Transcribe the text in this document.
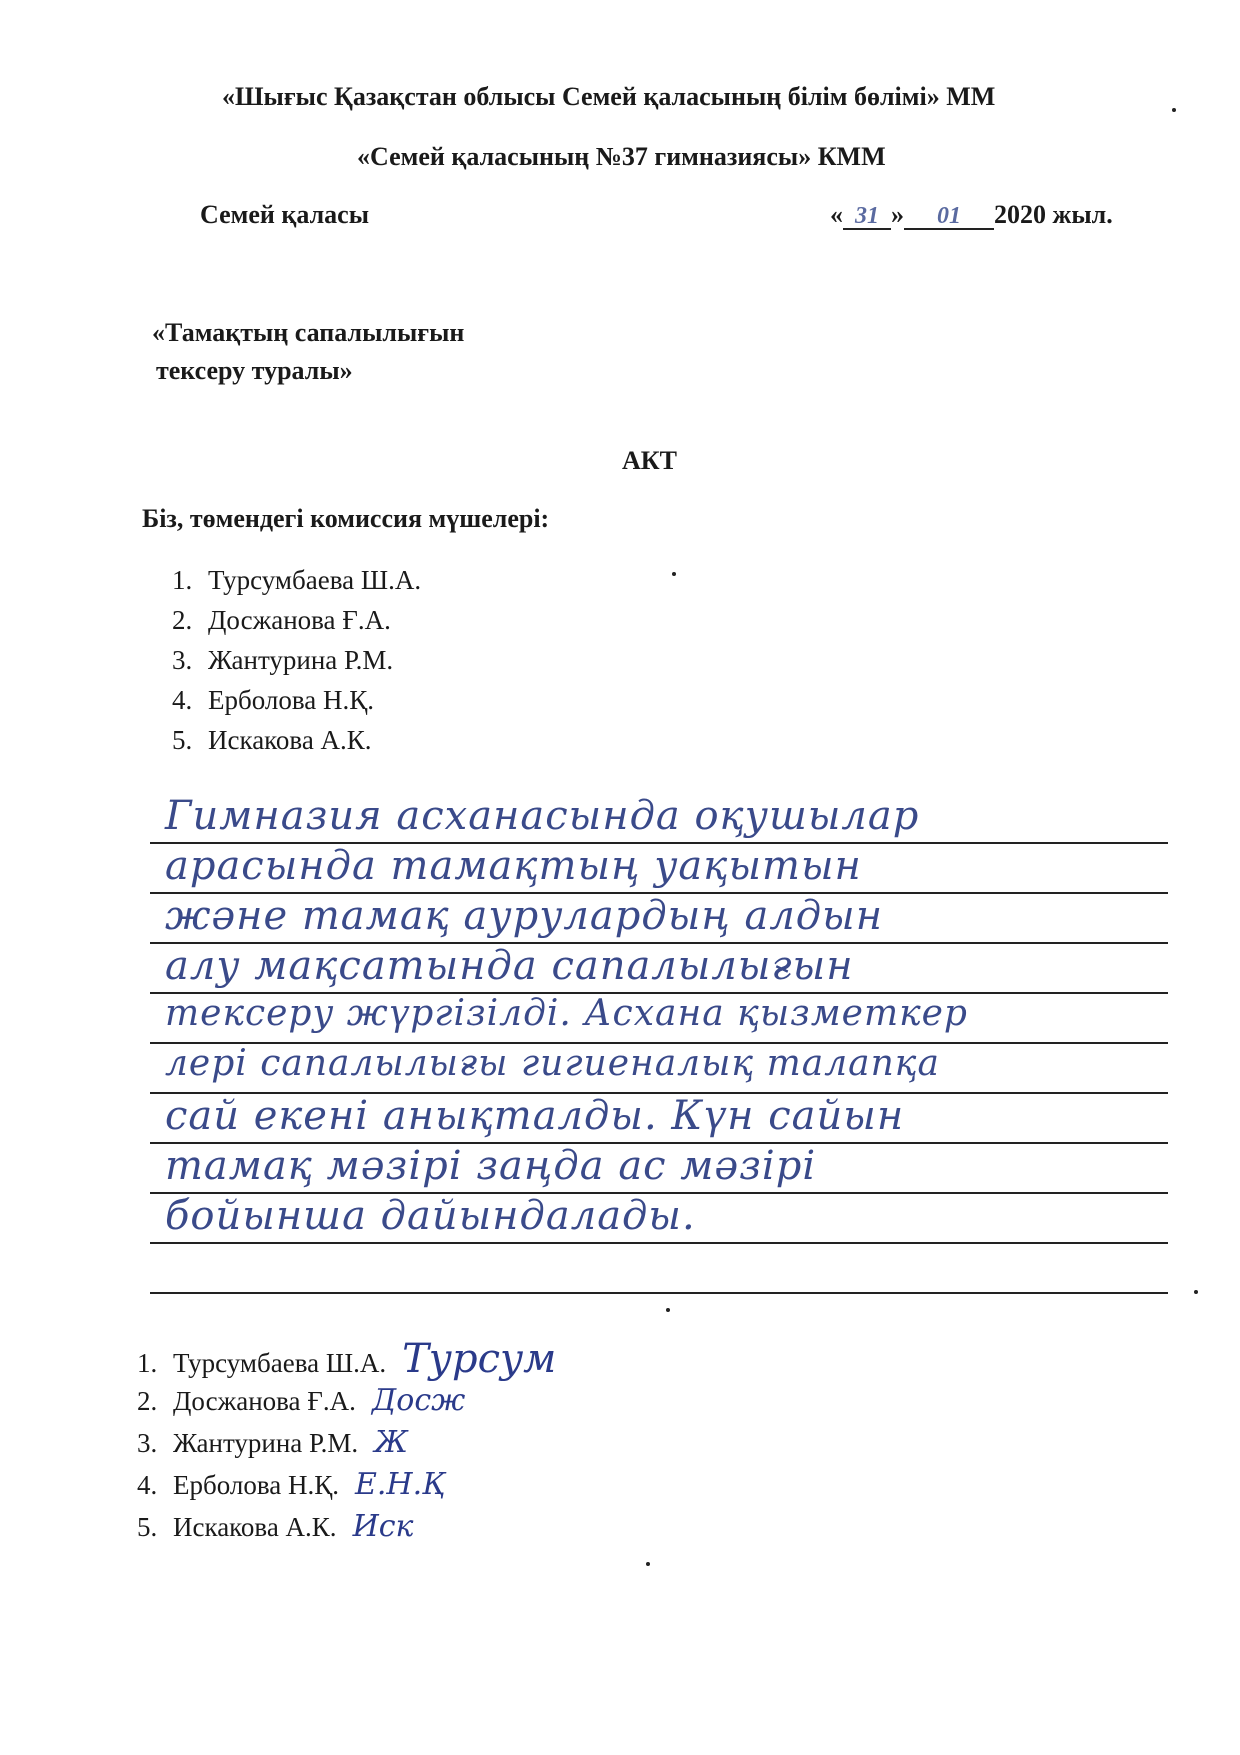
«Шығыс Қазақстан облысы Семей қаласының білім бөлімі» ММ
«Семей қаласының №37 гимназиясы» КММ
Семей қаласы	« 31 » 01 2020 жыл.
«Тамақтың сапалылығын
тексеру туралы»
АКТ
Біз, төмендегі комиссия мүшелері:
1. Турсумбаева Ш.А.
2. Досжанова Ғ.А.
3. Жантурина Р.М.
4. Ерболова Н.Қ.
5. Искакова А.К.
Гимназия асханасында оқушылар
арасында тамақтың уақытын
және тамақ аурулардың алдын
алу мақсатында сапалылығын
тексеру жүргізілді. Асхана қызметкер
лері сапалылығы гигиеналық талапқа
сай екені анықталды. Күн сайын
тамақ мәзірі заңда ас мәзірі
бойынша дайындалады.
1. Турсумбаева Ш.А. Турсум
2. Досжанова Ғ.А. Досж
3. Жантурина Р.М. Ж
4. Ерболова Н.Қ. Е.Н.Қ
5. Искакова А.К. Иск
